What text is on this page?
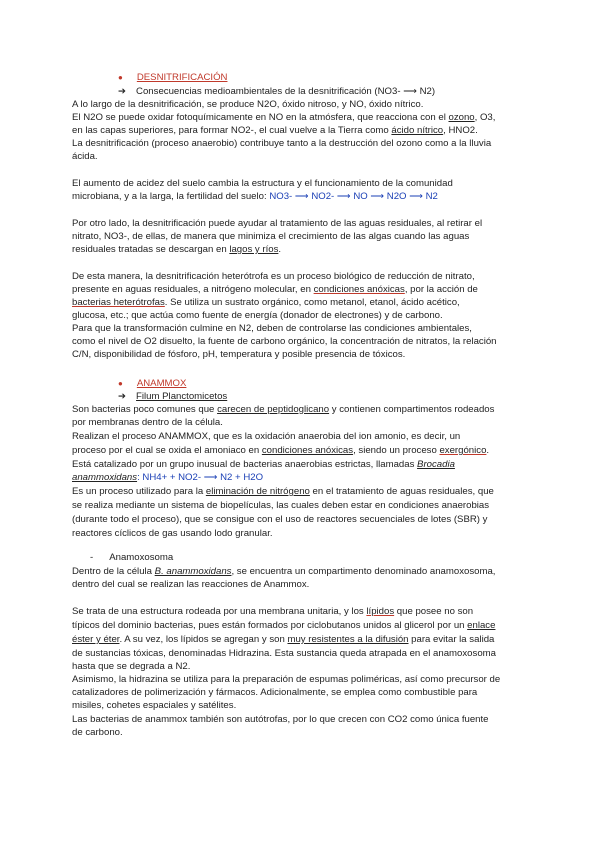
● DESNITRIFICACIÓN
➔ Consecuencias medioambientales de la desnitrificación (NO3- ⟶ N2)
A lo largo de la desnitrificación, se produce N2O, óxido nitroso, y NO, óxido nítrico.
El N2O se puede oxidar fotoquímicamente en NO en la atmósfera, que reacciona con el ozono, O3,
en las capas superiores, para formar NO2-, el cual vuelve a la Tierra como ácido nítrico, HNO2.
La desnitrificación (proceso anaerobio) contribuye tanto a la destrucción del ozono como a la lluvia
ácida.
El aumento de acidez del suelo cambia la estructura y el funcionamiento de la comunidad
microbiana, y a la larga, la fertilidad del suelo: NO3- ⟶ NO2- ⟶ NO ⟶ N2O ⟶ N2
Por otro lado, la desnitrificación puede ayudar al tratamiento de las aguas residuales, al retirar el
nitrato, NO3-, de ellas, de manera que minimiza el crecimiento de las algas cuando las aguas
residuales tratadas se descargan en lagos y ríos.
De esta manera, la desnitrificación heterótrofa es un proceso biológico de reducción de nitrato,
presente en aguas residuales, a nitrógeno molecular, en condiciones anóxicas, por la acción de
bacterias heterótrofas. Se utiliza un sustrato orgánico, como metanol, etanol, ácido acético,
glucosa, etc.; que actúa como fuente de energía (donador de electrones) y de carbono.
Para que la transformación culmine en N2, deben de controlarse las condiciones ambientales,
como el nivel de O2 disuelto, la fuente de carbono orgánico, la concentración de nitratos, la relación
C/N, disponibilidad de fósforo, pH, temperatura y posible presencia de tóxicos.
● ANAMMOX
➔ Filum Planctomicetos
Son bacterias poco comunes que carecen de peptidoglicano y contienen compartimentos rodeados
por membranas dentro de la célula.
Realizan el proceso ANAMMOX, que es la oxidación anaerobia del ion amonio, es decir, un
proceso por el cual se oxida el amoniaco en condiciones anóxicas, siendo un proceso exergónico.
Está catalizado por un grupo inusual de bacterias anaerobias estrictas, llamadas Brocadia
anammoxidans: NH4+ + NO2- ⟶ N2 + H2O
Es un proceso utilizado para la eliminación de nitrógeno en el tratamiento de aguas residuales, que
se realiza mediante un sistema de biopelículas, las cuales deben estar en condiciones anaerobias
(durante todo el proceso), que se consigue con el uso de reactores secuenciales de lotes (SBR) y
reactores cíclicos de gas usando lodo granular.
- Anamoxosoma
Dentro de la célula B. anammoxidans, se encuentra un compartimento denominado anamoxosoma,
dentro del cual se realizan las reacciones de Anammox.
Se trata de una estructura rodeada por una membrana unitaria, y los lípidos que posee no son
típicos del dominio bacterias, pues están formados por ciclobutanos unidos al glicerol por un enlace
éster y éter. A su vez, los lípidos se agregan y son muy resistentes a la difusión para evitar la salida
de sustancias tóxicas, denominadas Hidrazina. Esta sustancia queda atrapada en el anamoxosoma
hasta que se degrada a N2.
Asimismo, la hidrazina se utiliza para la preparación de espumas poliméricas, así como precursor de
catalizadores de polimerización y fármacos. Adicionalmente, se emplea como combustible para
misiles, cohetes espaciales y satélites.
Las bacterias de anammox también son autótrofas, por lo que crecen con CO2 como única fuente
de carbono.
